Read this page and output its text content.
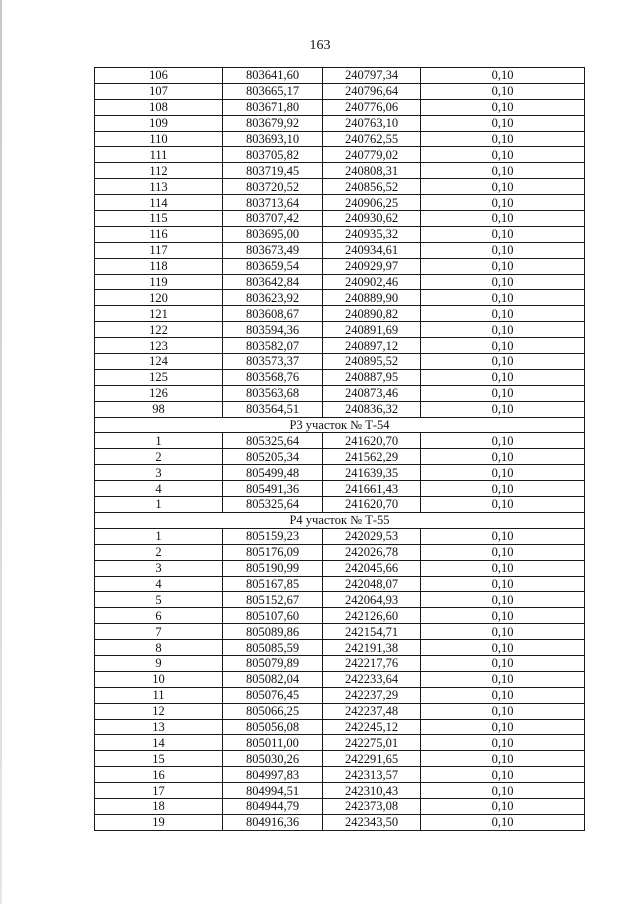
163
106	803641,60	240797,34	0,10
107	803665,17	240796,64	0,10
108	803671,80	240776,06	0,10
109	803679,92	240763,10	0,10
110	803693,10	240762,55	0,10
111	803705,82	240779,02	0,10
112	803719,45	240808,31	0,10
113	803720,52	240856,52	0,10
114	803713,64	240906,25	0,10
115	803707,42	240930,62	0,10
116	803695,00	240935,32	0,10
117	803673,49	240934,61	0,10
118	803659,54	240929,97	0,10
119	803642,84	240902,46	0,10
120	803623,92	240889,90	0,10
121	803608,67	240890,82	0,10
122	803594,36	240891,69	0,10
123	803582,07	240897,12	0,10
124	803573,37	240895,52	0,10
125	803568,76	240887,95	0,10
126	803563,68	240873,46	0,10
98	803564,51	240836,32	0,10
Р3 участок № Т-54			
1	805325,64	241620,70	0,10
2	805205,34	241562,29	0,10
3	805499,48	241639,35	0,10
4	805491,36	241661,43	0,10
1	805325,64	241620,70	0,10
Р4 участок № Т-55			
1	805159,23	242029,53	0,10
2	805176,09	242026,78	0,10
3	805190,99	242045,66	0,10
4	805167,85	242048,07	0,10
5	805152,67	242064,93	0,10
6	805107,60	242126,60	0,10
7	805089,86	242154,71	0,10
8	805085,59	242191,38	0,10
9	805079,89	242217,76	0,10
10	805082,04	242233,64	0,10
11	805076,45	242237,29	0,10
12	805066,25	242237,48	0,10
13	805056,08	242245,12	0,10
14	805011,00	242275,01	0,10
15	805030,26	242291,65	0,10
16	804997,83	242313,57	0,10
17	804994,51	242310,43	0,10
18	804944,79	242373,08	0,10
19	804916,36	242343,50	0,10
